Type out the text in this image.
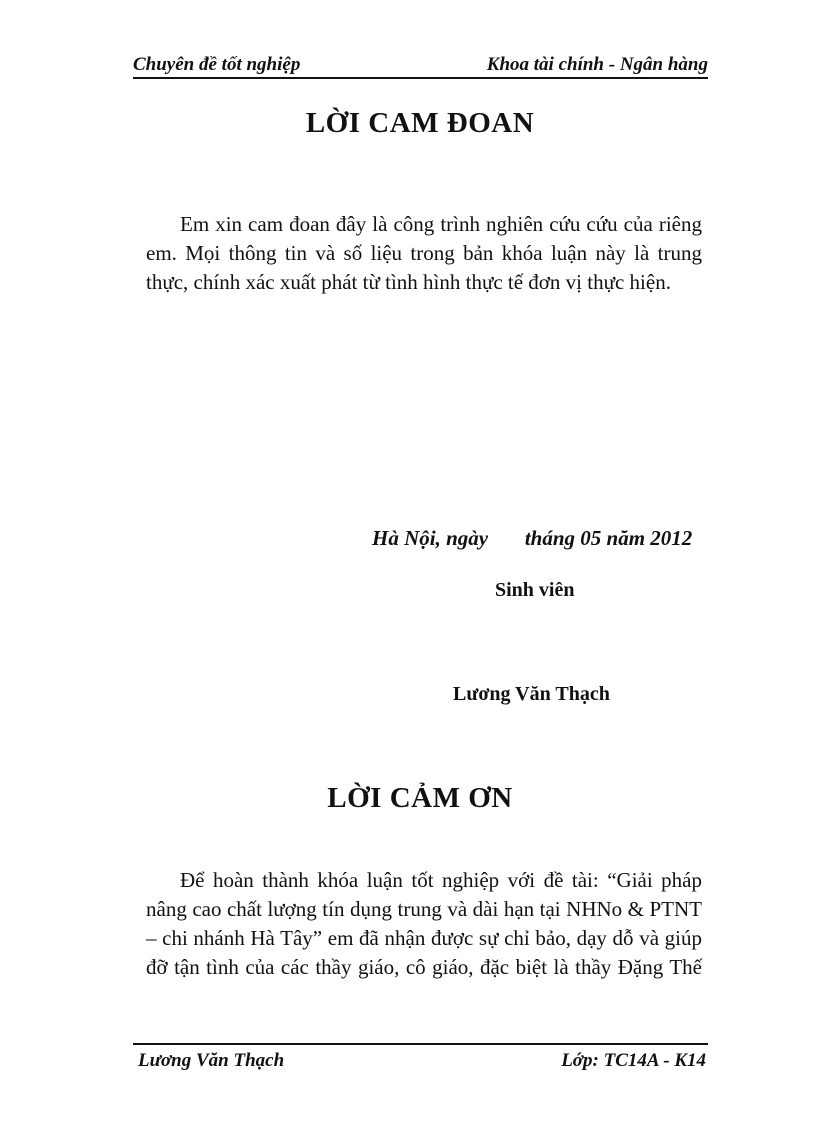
Chuyên đề tốt nghiệp	Khoa tài chính - Ngân hàng
LỜI CAM ĐOAN
Em xin cam đoan đây là công trình nghiên cứu cứu của riêng
em. Mọi thông tin và số liệu trong bản khóa luận này là trung
thực, chính xác xuất phát từ tình hình thực tế đơn vị thực hiện.
Hà Nội, ngày       tháng 05 năm 2012
Sinh viên
Lương Văn Thạch
LỜI CẢM ƠN
Để hoàn thành khóa luận tốt nghiệp với đề tài: “Giải pháp
nâng cao chất lượng tín dụng trung và dài hạn tại NHNo & PTNT
– chi nhánh Hà Tây” em đã nhận được sự chỉ bảo, dạy dỗ và giúp
đỡ tận tình của các thầy giáo, cô giáo, đặc biệt là thầy Đặng Thế
Lương Văn Thạch	Lớp: TC14A - K14
